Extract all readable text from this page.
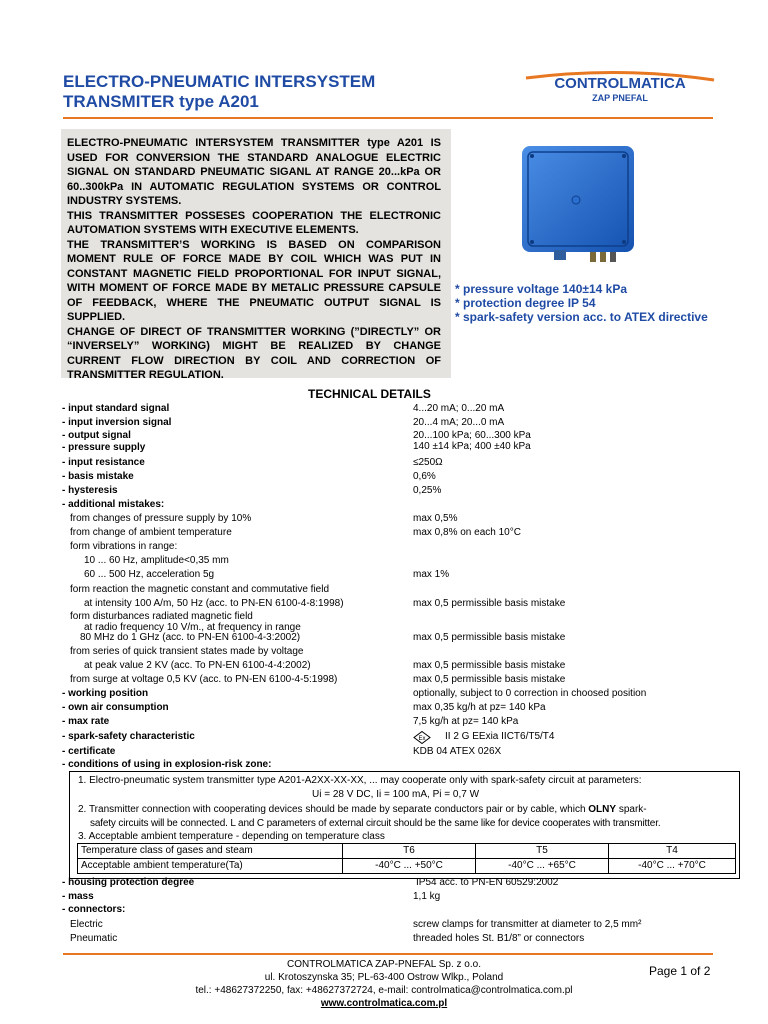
ELECTRO-PNEUMATIC INTERSYSTEM
TRANSMITER type A201
CONTROLMATICA
ZAP PNEFAL

ELECTRO-PNEUMATIC INTERSYSTEM TRANSMITTER type A201 IS USED FOR CONVERSION THE STANDARD ANALOGUE ELECTRIC SIGNAL ON STANDARD PNEUMATIC SIGANL AT RANGE 20...kPa OR 60..300kPa IN AUTOMATIC REGULATION SYSTEMS OR CONTROL INDUSTRY SYSTEMS.

THIS TRANSMITTER POSSESES COOPERATION THE ELECTRONIC AUTOMATION SYSTEMS WITH EXECUTIVE ELEMENTS.

THE TRANSMITTER’S WORKING IS BASED ON COMPARISON MOMENT RULE OF FORCE MADE BY COIL WHICH WAS PUT IN CONSTANT MAGNETIC FIELD PROPORTIONAL FOR INPUT SIGNAL, WITH MOMENT OF FORCE MADE BY METALIC PRESSURE CAPSULE OF FEEDBACK, WHERE THE PNEUMATIC OUTPUT SIGNAL IS SUPPLIED.

CHANGE OF DIRECT OF TRANSMITTER WORKING (”DIRECTLY” OR “INVERSELY” WORKING) MIGHT BE REALIZED BY CHANGE CURRENT FLOW DIRECTION BY COIL AND CORRECTION OF TRANSMITTER REGULATION.

* pressure voltage 140±14 kPa
* protection degree IP 54
* spark-safety version acc. to ATEX directive
TECHNICAL DETAILS
- input standard signal	4...20 mA; 0...20 mA
- input inversion signal	20...4 mA; 20...0 mA
- output signal	20...100 kPa; 60...300 kPa
- pressure supply	140 ±14 kPa; 400 ±40 kPa
- input resistance	≤250Ω
- basis mistake	0,6%
- hysteresis	0,25%
- additional mistakes:
from changes of pressure supply by 10%	max 0,5%
from change of ambient temperature	max 0,8% on each 10°C
form vibrations in range:
10 ... 60 Hz, amplitude<0,35 mm
60 ... 500 Hz, acceleration 5g	max 1%
form reaction the magnetic constant and commutative field
at intensity 100 A/m, 50 Hz (acc. to PN-EN 6100-4-8:1998)	max 0,5 permissible basis mistake
form disturbances radiated magnetic field
at radio frequency 10 V/m., at frequency in range
80 MHz do 1 GHz (acc. to PN-EN 6100-4-3:2002)	max 0,5 permissible basis mistake
from series of quick transient states made by voltage
at peak value 2 KV (acc. To PN-EN 6100-4-4:2002)	max 0,5 permissible basis mistake
from surge at voltage 0,5 KV (acc. to PN-EN 6100-4-5:1998)	max 0,5 permissible basis mistake
- working position	optionally, subject to 0 correction in choosed position
- own air consumption	max 0,35 kg/h at pz= 140 kPa
- max rate	7,5 kg/h at pz= 140 kPa
- spark-safety characteristic	Ex II 2 G EExia IICT6/T5/T4
- certificate	KDB 04 ATEX 026X
- conditions of using in explosion-risk zone:
1. Electro-pneumatic system transmitter type A201-A2XX-XX-XX, ... may cooperate only with spark-safety circuit at parameters:
Ui = 28 V DC, Ii = 100 mA, Pi = 0,7 W
2. Transmitter connection with cooperating devices should be made by separate conductors pair or by cable, which OLNY spark-
safety circuits will be connected. L and C parameters of external circuit should be the same like for device cooperates with transmitter.
3. Acceptable ambient temperature - depending on temperature class
Temperature class of gases and steam	T6	T5	T4
Acceptable ambient temperature(Ta)	-40°C ... +50°C	-40°C ... +65°C	-40°C ... +70°C
- housing protection degree	IP54 acc. to PN-EN 60529:2002
- mass	1,1 kg
- connectors:
Electric	screw clamps for transmitter at diameter to 2,5 mm²
Pneumatic	threaded holes St. B1/8” or connectors
CONTROLMATICA ZAP-PNEFAL Sp. z o.o.
ul. Krotoszynska 35; PL-63-400 Ostrow Wlkp., Poland
tel.: +48627372250, fax: +48627372724, e-mail: controlmatica@controlmatica.com.pl
www.controlmatica.com.pl
Page 1 of 2
